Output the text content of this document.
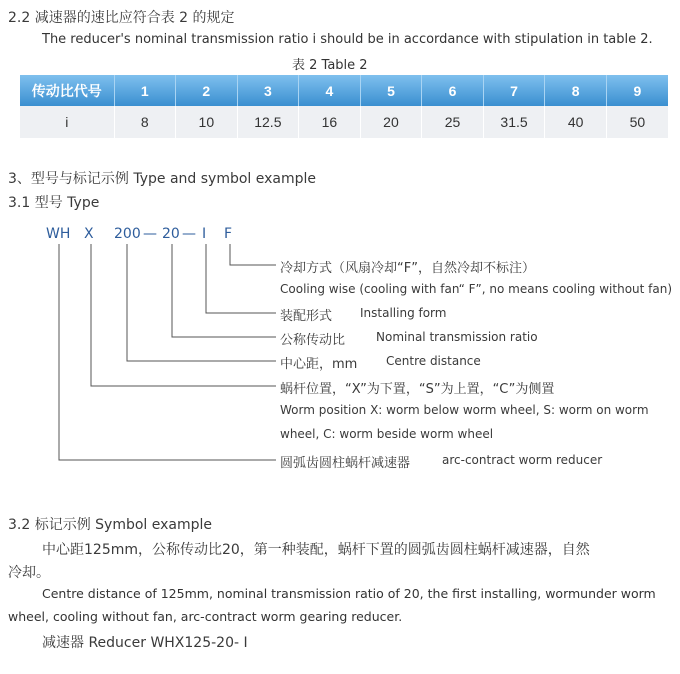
2.2 减速器的速比应符合表 2 的规定
The reducer's nominal transmission ratio i should be in accordance with stipulation in table 2.
表 2 Table 2
传动比代号	1	2	3	4	5	6	7	8	9
i	8	10	12.5	16	20	25	31.5	40	50
3、型号与标记示例 Type and symbol example
3.1 型号 Type
WH X 200 — 20 — I F
冷却方式（风扇冷却“F”，自然冷却不标注）
Cooling wise (cooling with fan“ F”, no means cooling without fan)
装配形式 Installing form
公称传动比	Nominal transmission ratio
中心距，mm Centre distance
蜗杆位置，“X”为下置，“S”为上置，“C”为侧置
Worm position X: worm below worm wheel, S: worm on worm
wheel, C: worm beside worm wheel
圆弧齿圆柱蜗杆减速器	arc-contract worm reducer
3.2 标记示例 Symbol example
中心距125mm，公称传动比20，第一种装配，蜗杆下置的圆弧齿圆柱蜗杆减速器，自然
冷却。
Centre distance of 125mm, nominal transmission ratio of 20, the first installing, wormunder worm
wheel, cooling without fan, arc-contract worm gearing reducer.
减速器 Reducer WHX125-20- Ⅰ
